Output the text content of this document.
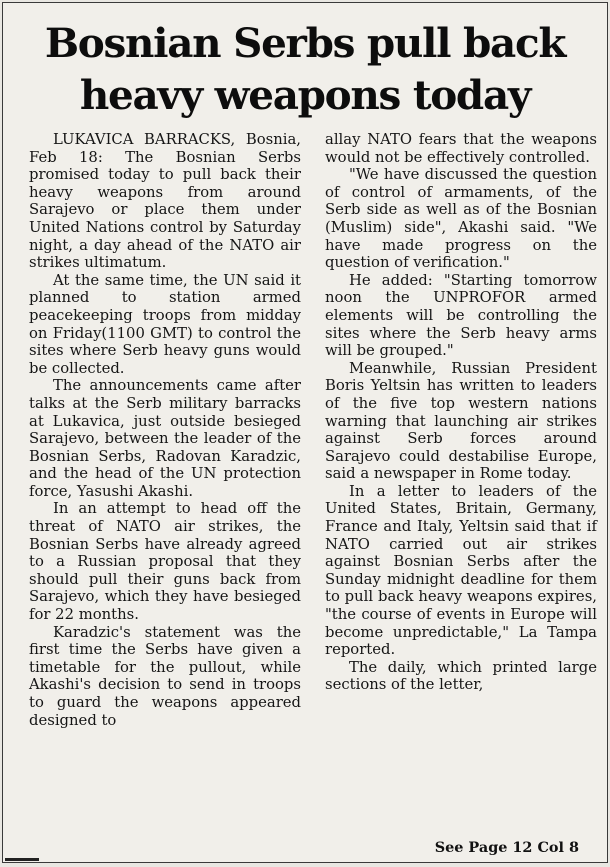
Bosnian Serbs pull back
heavy weapons today

LUKAVICA BARRACKS, Bosnia, Feb 18: The Bosnian Serbs promised today to pull back their heavy weapons from around Sarajevo or place them under United Nations control by Saturday night, a day ahead of the NATO air strikes ultimatum.

At the same time, the UN said it planned to station armed peacekeeping troops from midday on Friday(1100 GMT) to control the sites where Serb heavy guns would be collected.

The announcements came after talks at the Serb military barracks at Lukavica, just outside besieged Sarajevo, between the leader of the Bosnian Serbs, Radovan Karadzic, and the head of the UN protection force, Yasushi Akashi.

In an attempt to head off the threat of NATO air strikes, the Bosnian Serbs have already agreed to a Russian proposal that they should pull their guns back from Sarajevo, which they have besieged for 22 months.

Karadzic's statement was the first time the Serbs have given a timetable for the pullout, while Akashi's decision to send in troops to guard the weapons appeared designed to

allay NATO fears that the weapons would not be effectively controlled.

"We have discussed the question of control of armaments, of the Serb side as well as of the Bosnian (Muslim) side", Akashi said. "We have made progress on the question of verification."

He added: "Starting tomorrow noon the UNPROFOR armed elements will be controlling the sites where the Serb heavy arms will be grouped."

Meanwhile, Russian President Boris Yeltsin has written to leaders of the five top western nations warning that launching air strikes against Serb forces around Sarajevo could destabilise Europe, said a newspaper in Rome today.

In a letter to leaders of the United States, Britain, Germany, France and Italy, Yeltsin said that if NATO carried out air strikes against Bosnian Serbs after the Sunday midnight deadline for them to pull back heavy weapons expires, "the course of events in Europe will become unpredictable," La Tampa reported.

The daily, which printed large sections of the letter,

See Page 12 Col 8
